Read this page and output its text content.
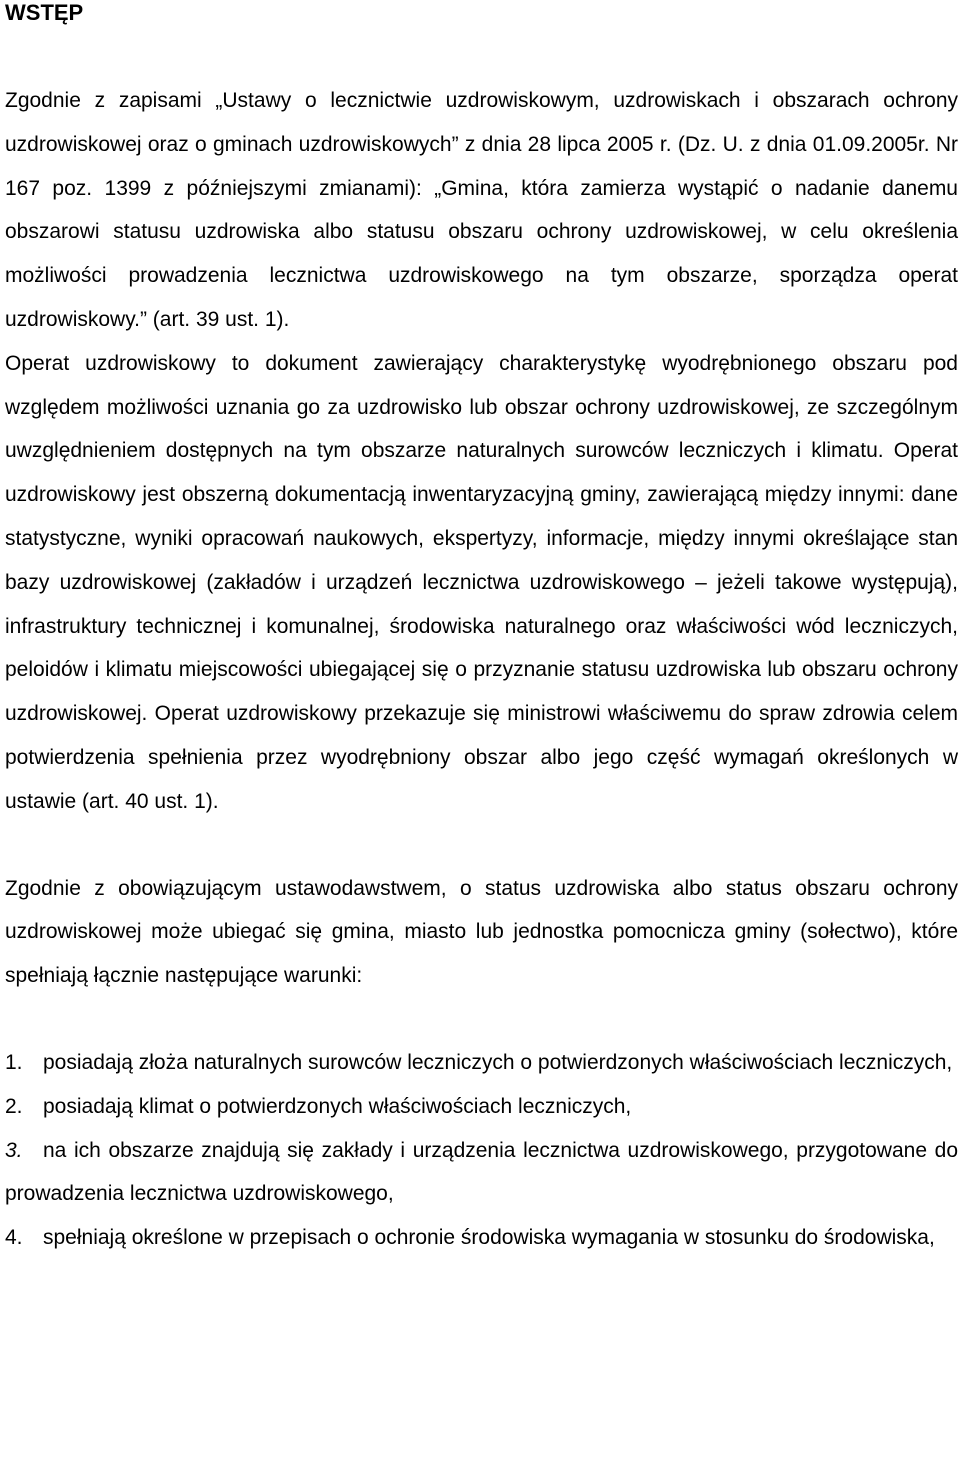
WSTĘP

Zgodnie z zapisami „Ustawy o lecznictwie uzdrowiskowym, uzdrowiskach i obszarach ochrony uzdrowiskowej oraz o gminach uzdrowiskowych” z dnia 28 lipca 2005 r. (Dz. U. z dnia 01.09.2005r. Nr 167 poz. 1399 z późniejszymi zmianami): „Gmina, która zamierza wystąpić o nadanie danemu obszarowi statusu uzdrowiska albo statusu obszaru ochrony uzdrowiskowej, w celu określenia możliwości prowadzenia lecznictwa uzdrowiskowego na tym obszarze, sporządza operat uzdrowiskowy.” (art. 39 ust. 1).

Operat uzdrowiskowy to dokument zawierający charakterystykę wyodrębnionego obszaru pod względem możliwości uznania go za uzdrowisko lub obszar ochrony uzdrowiskowej, ze szczególnym uwzględnieniem dostępnych na tym obszarze naturalnych surowców leczniczych i klimatu. Operat uzdrowiskowy jest obszerną dokumentacją inwentaryzacyjną gminy, zawierającą między innymi: dane statystyczne, wyniki opracowań naukowych, ekspertyzy, informacje, między innymi określające stan bazy uzdrowiskowej (zakładów i urządzeń lecznictwa uzdrowiskowego – jeżeli takowe występują), infrastruktury technicznej i komunalnej, środowiska naturalnego oraz właściwości wód leczniczych, peloidów i klimatu miejscowości ubiegającej się o przyznanie statusu uzdrowiska lub obszaru ochrony uzdrowiskowej. Operat uzdrowiskowy przekazuje się ministrowi właściwemu do spraw zdrowia celem potwierdzenia spełnienia przez wyodrębniony obszar albo jego część wymagań określonych w ustawie (art. 40 ust. 1).

Zgodnie z obowiązującym ustawodawstwem, o status uzdrowiska albo status obszaru ochrony uzdrowiskowej może ubiegać się gmina, miasto lub jednostka pomocnicza gminy (sołectwo), które spełniają łącznie następujące warunki:

1. posiadają złoża naturalnych surowców leczniczych o potwierdzonych właściwościach leczniczych,

2. posiadają klimat o potwierdzonych właściwościach leczniczych,

3. na ich obszarze znajdują się zakłady i urządzenia lecznictwa uzdrowiskowego, przygotowane do prowadzenia lecznictwa uzdrowiskowego,

4. spełniają określone w przepisach o ochronie środowiska wymagania w stosunku do środowiska,
